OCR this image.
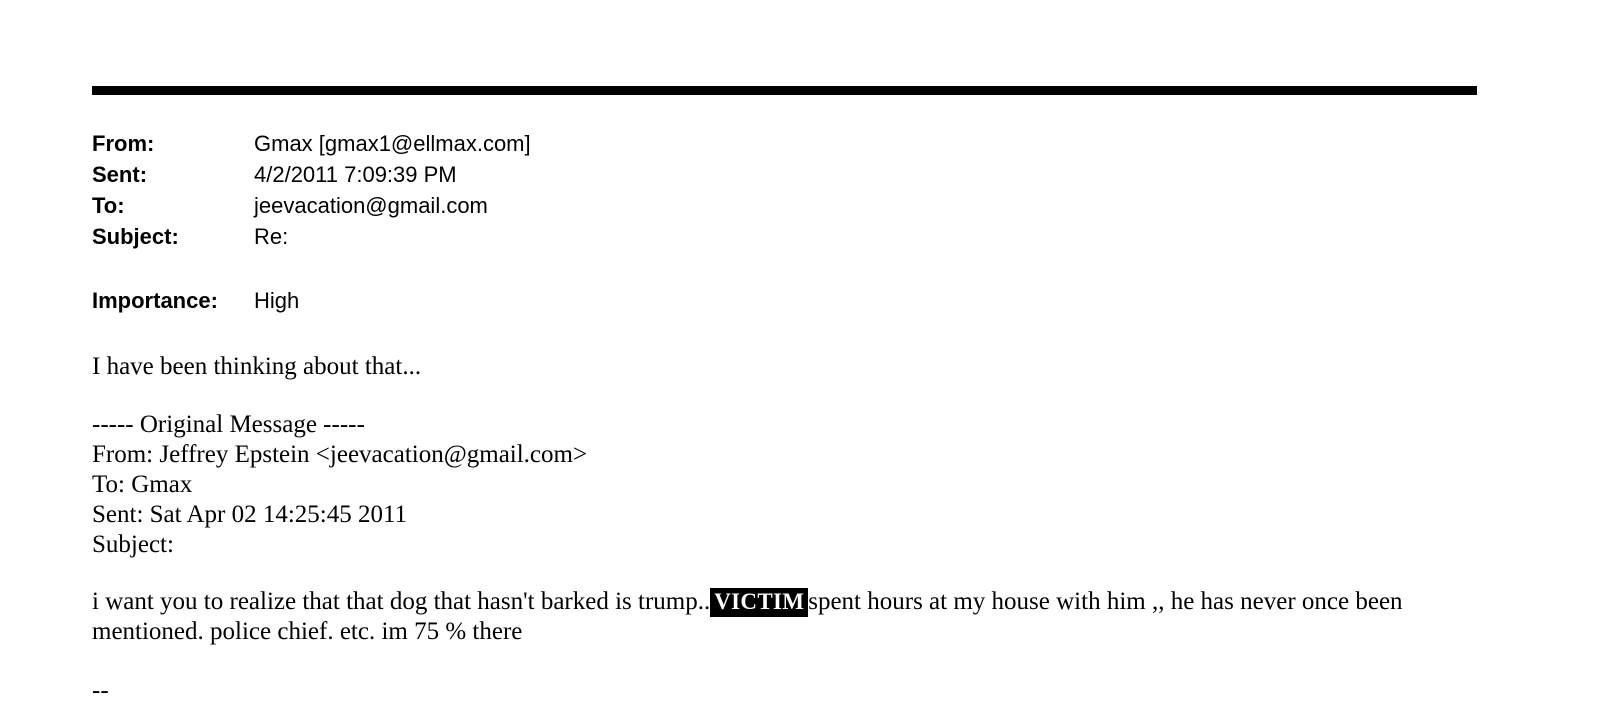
From:	Gmax [gmax1@ellmax.com]
Sent:	4/2/2011 7:09:39 PM
To:	jeevacation@gmail.com
Subject:	Re:
Importance: High
I have been thinking about that...
----- Original Message -----
From: Jeffrey Epstein <jeevacation@gmail.com>
To: Gmax
Sent: Sat Apr 02 14:25:45 2011
Subject:
i want you to realize that that dog that hasn't barked is trump.. VICTIM spent hours at my house with him ,, he has never once been
mentioned. police chief. etc. im 75 % there
--
